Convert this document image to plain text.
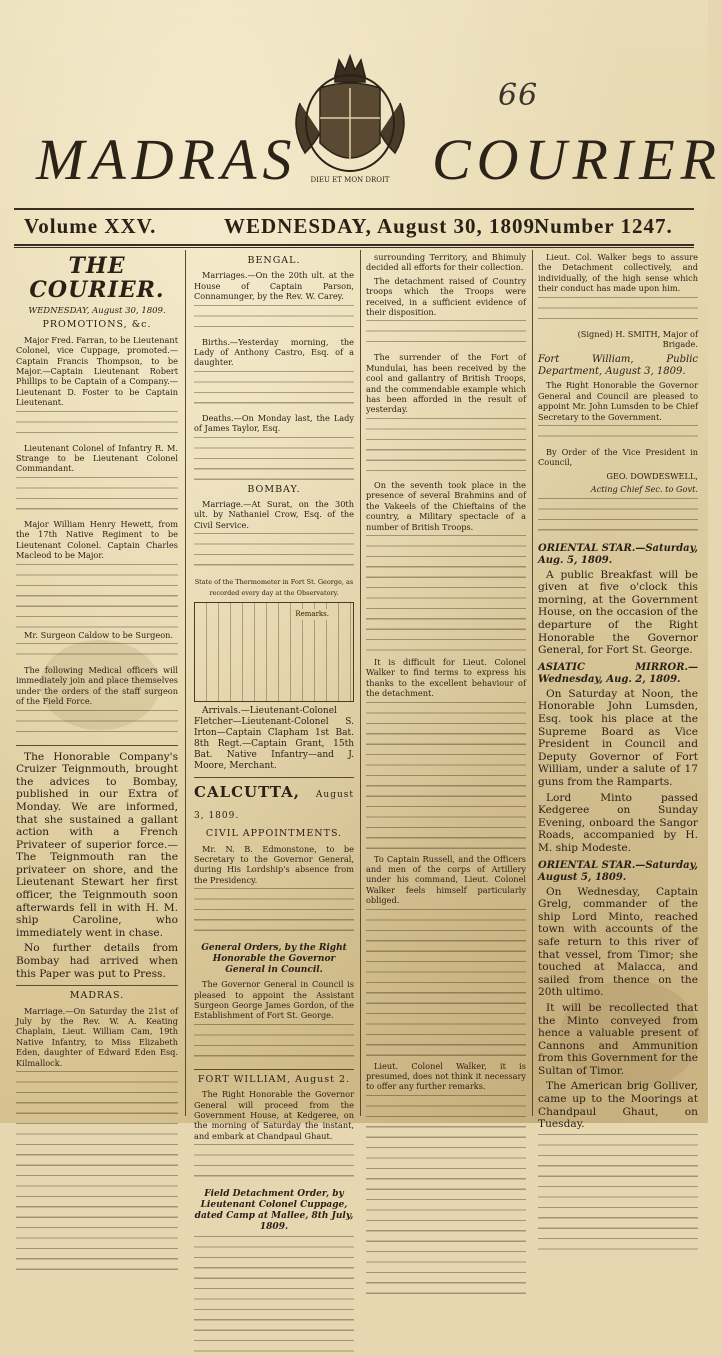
66
DIEU ET MON DROIT
MADRAS COURIER
Volume XXV.	WEDNESDAY, August 30, 1809.
Number 1247.
THE COURIER.
WEDNESDAY, August 30, 1809.
PROMOTIONS, &c.

Major Fred. Farran, to be Lieutenant Colonel, vice Cuppage, promoted.—Captain Francis Thompson, to be Major.—Captain Lieutenant Robert Phillips to be Captain of a Company.—Lieutenant D. Foster to be Captain Lieutenant.

Lieutenant Colonel of Infantry R. M. Strange to be Lieutenant Colonel Commandant.

Major William Henry Hewett, from the 17th Native Regiment to be Lieutenant Colonel. Captain Charles Macleod to be Major.

Mr. Surgeon Caldow to be Surgeon.

The following Medical officers will immediately join and place themselves under the orders of the staff surgeon of the Field Force.

The Honorable Company's Cruizer Teignmouth, brought the advices to Bombay, published in our Extra of Monday. We are informed, that she sustained a gallant action with a French Privateer of superior force.—The Teignmouth ran the privateer on shore, and the Lieutenant Stewart her first officer, the Teignmouth soon afterwards fell in with H. M. ship Caroline, who immediately went in chase.

No further details from Bombay had arrived when this Paper was put to Press.

MADRAS.

Marriage.—On Saturday the 21st of July by the Rev. W. A. Keating Chaplain, Lieut. William Cam, 19th Native Infantry, to Miss Elizabeth Eden, daughter of Edward Eden Esq. Kilmallock.

BENGAL.

Marriages.—On the 20th ult. at the House of Captain Parson, Connamunger, by the Rev. W. Carey.

Births.—Yesterday morning, the Lady of Anthony Castro, Esq. of a daughter.

Deaths.—On Monday last, the Lady of James Taylor, Esq.

BOMBAY.

Marriage.—At Surat, on the 30th ult. by Nathaniel Crow, Esq. of the Civil Service.

State of the Thermometer in Fort St. George, as recorded every day at the Observatory.
Remarks.

Arrivals.—Lieutenant-Colonel Fletcher—Lieutenant-Colonel S. Irton—Captain Clapham 1st Bat. 8th Regt.—Captain Grant, 15th Bat. Native Infantry—and J. Moore, Merchant.

CALCUTTA, August 3, 1809.
CIVIL APPOINTMENTS.

Mr. N. B. Edmonstone, to be Secretary to the Governor General, during His Lordship's absence from the Presidency.

General Orders, by the Right Honorable the Governor General in Council.

The Governor General in Council is pleased to appoint the Assistant Surgeon George James Gordon, of the Establishment of Fort St. George.

FORT WILLIAM, August 2.

The Right Honorable the Governor General will proceed from the Government House, at Kedgeree, on the morning of Saturday the instant, and embark at Chandpaul Ghaut.

Field Detachment Order, by Lieutenant Colonel Cuppage, dated Camp at Mallee, 8th July, 1809.

surrounding Territory, and Bhimuly decided all efforts for their collection.

The detachment raised of Country troops which the Troops were received, in a sufficient evidence of their disposition.

The surrender of the Fort of Mundulai, has been received by the cool and gallantry of British Troops, and the commendable example which has been afforded in the result of yesterday.

On the seventh took place in the presence of several Brahmins and of the Vakeels of the Chieftains of the country, a Military spectacle of a number of British Troops.

It is difficult for Lieut. Colonel Walker to find terms to express his thanks to the excellent behaviour of the detachment.

To Captain Russell, and the Officers and men of the corps of Artillery under his command, Lieut. Colonel Walker feels himself particularly obliged.

Lieut. Colonel Walker, it is presumed, does not think it necessary to offer any further remarks.

Lieut. Col. Walker begs to assure the Detachment collectively, and individually, of the high sense which their conduct has made upon him.

(Signed) H. SMITH, Major of Brigade.

Fort William, Public Department, August 3, 1809.

The Right Honorable the Governor General and Council are pleased to appoint Mr. John Lumsden to be Chief Secretary to the Government.

By Order of the Vice President in Council,

GEO. DOWDESWELL,

Acting Chief Sec. to Govt.

ORIENTAL STAR.—Saturday, Aug. 5, 1809.

A public Breakfast will be given at five o'clock this morning, at the Government House, on the occasion of the departure of the Right Honorable the Governor General, for Fort St. George.

ASIATIC MIRROR.—Wednesday, Aug. 2, 1809.

On Saturday at Noon, the Honorable John Lumsden, Esq. took his place at the Supreme Board as Vice President in Council and Deputy Governor of Fort William, under a salute of 17 guns from the Ramparts.

Lord Minto passed Kedgeree on Sunday Evening, onboard the Sangor Roads, accompanied by H. M. ship Modeste.

ORIENTAL STAR.—Saturday, August 5, 1809.

On Wednesday, Captain Grelg, commander of the ship Lord Minto, reached town with accounts of the safe return to this river of that vessel, from Timor; she touched at Malacca, and sailed from thence on the 20th ultimo.

It will be recollected that the Minto conveyed from hence a valuable present of Cannons and Ammunition from this Government for the Sultan of Timor.

The American brig Golliver, came up to the Moorings at Chandpaul Ghaut, on Tuesday.
